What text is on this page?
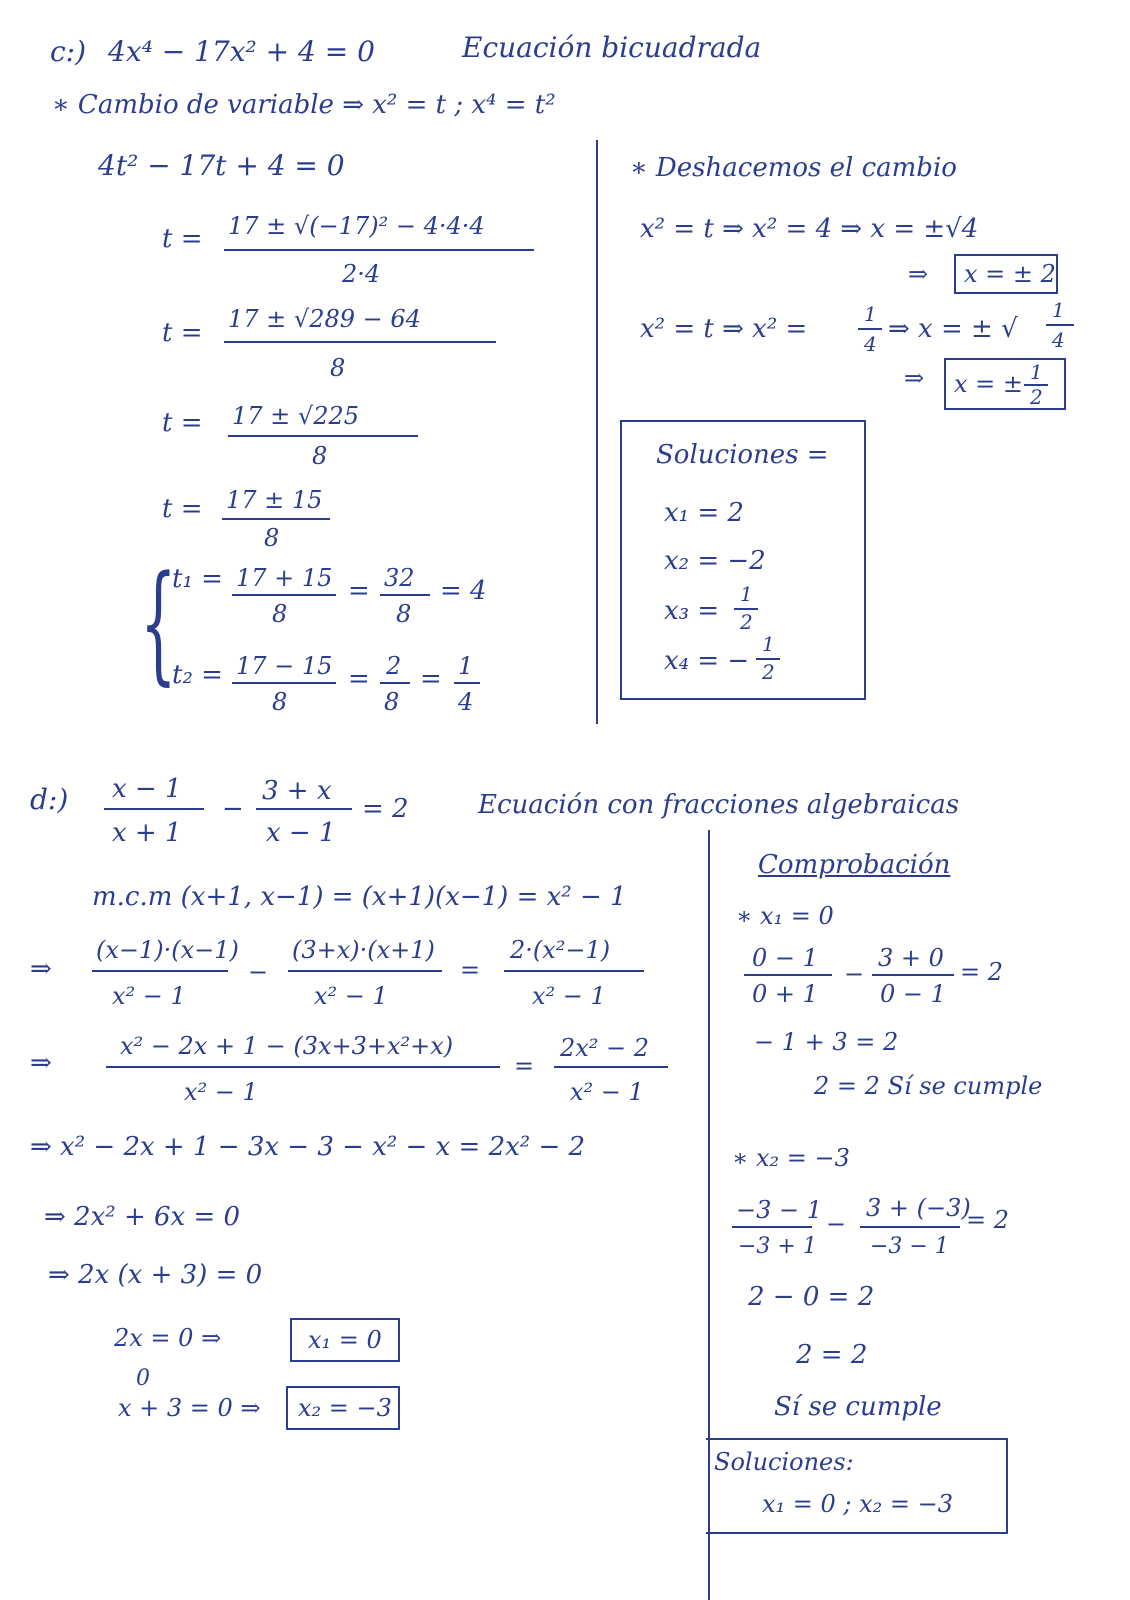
c:) 4x⁴ − 17x² + 4 = 0	Ecuación bicuadrada
∗ Cambio de variable ⇒ x² = t ; x⁴ = t²
4t² − 17t + 4 = 0
t = 17 ± √(−17)² − 4·4·4
2·4
t = 17 ± √289 − 64
8
t = 17 ± √225
8
t = 17 ± 15
8
{
t₁ = 17 + 15
8
= 32
8
= 4
t₂ = 17 − 15
8
= 2
8
= 1
4
∗ Deshacemos el cambio
x² = t ⇒ x² = 4 ⇒ x = ±√4
⇒ x = ± 2
x² = t ⇒ x² =	1
4 ⇒ x = ± √
1
4
⇒ x = ± 1
2
Soluciones =
x₁ = 2
x₂ = −2
x₃ =
1
2
x₄ = −
1
2
d:) x − 1
x + 1
−
3 + x
x − 1
= 2	Ecuación con fracciones algebraicas
m.c.m (x+1, x−1) = (x+1)(x−1) = x² − 1
⇒
(x−1)·(x−1)
x² − 1
−
(3+x)·(x+1)
x² − 1
=
2·(x²−1)
x² − 1
⇒
x² − 2x + 1 − (3x+3+x²+x)
x² − 1
=
2x² − 2
x² − 1
⇒ x² − 2x + 1 − 3x − 3 − x² − x = 2x² − 2
⇒ 2x² + 6x = 0
⇒ 2x (x + 3) = 0
2x = 0 ⇒	x₁ = 0
0
x + 3 = 0 ⇒ x₂ = −3
Comprobación
∗ x₁ = 0
0 − 1
0 + 1
−
3 + 0
0 − 1
= 2
− 1 + 3 = 2
2 = 2 Sí se cumple
∗ x₂ = −3
−3 − 1
−3 + 1
−
3 + (−3)
−3 − 1
= 2
2 − 0 = 2
2 = 2
Sí se cumple
Soluciones:
x₁ = 0 ; x₂ = −3
